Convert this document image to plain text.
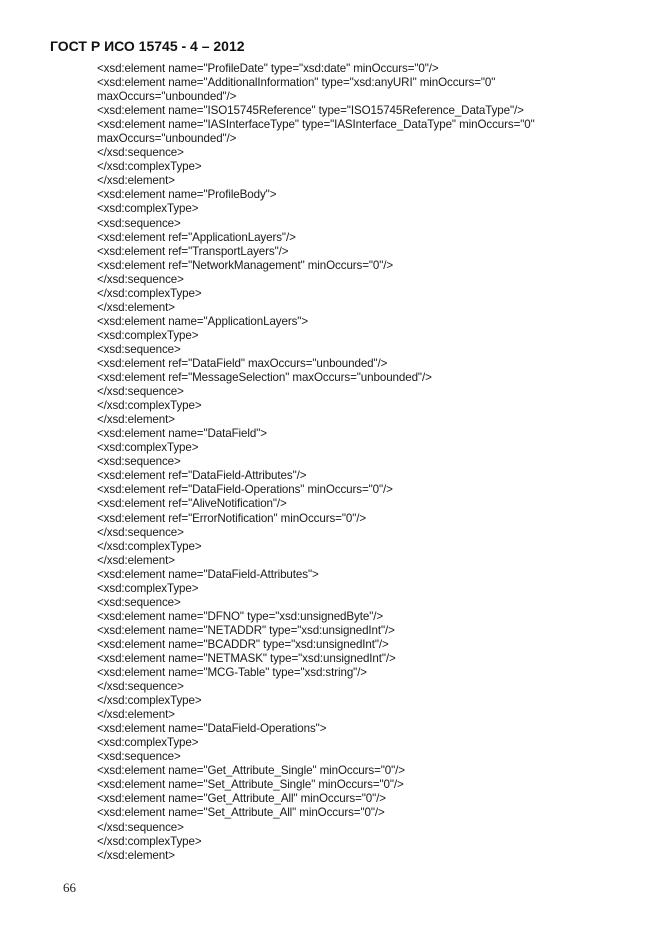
ГОСТ Р ИСО 15745 - 4 – 2012
<xsd:element name="ProfileDate" type="xsd:date" minOccurs="0"/>
<xsd:element name="AdditionalInformation" type="xsd:anyURI" minOccurs="0"
maxOccurs="unbounded"/>
<xsd:element name="ISO15745Reference" type="ISO15745Reference_DataType"/>
<xsd:element name="IASInterfaceType" type="IASInterface_DataType" minOccurs="0"
maxOccurs="unbounded"/>
</xsd:sequence>
</xsd:complexType>
</xsd:element>
<xsd:element name="ProfileBody">
<xsd:complexType>
<xsd:sequence>
<xsd:element ref="ApplicationLayers"/>
<xsd:element ref="TransportLayers"/>
<xsd:element ref="NetworkManagement" minOccurs="0"/>
</xsd:sequence>
</xsd:complexType>
</xsd:element>
<xsd:element name="ApplicationLayers">
<xsd:complexType>
<xsd:sequence>
<xsd:element ref="DataField" maxOccurs="unbounded"/>
<xsd:element ref="MessageSelection" maxOccurs="unbounded"/>
</xsd:sequence>
</xsd:complexType>
</xsd:element>
<xsd:element name="DataField">
<xsd:complexType>
<xsd:sequence>
<xsd:element ref="DataField-Attributes"/>
<xsd:element ref="DataField-Operations" minOccurs="0"/>
<xsd:element ref="AliveNotification"/>
<xsd:element ref="ErrorNotification" minOccurs="0"/>
</xsd:sequence>
</xsd:complexType>
</xsd:element>
<xsd:element name="DataField-Attributes">
<xsd:complexType>
<xsd:sequence>
<xsd:element name="DFNO" type="xsd:unsignedByte"/>
<xsd:element name="NETADDR" type="xsd:unsignedInt"/>
<xsd:element name="BCADDR" type="xsd:unsignedInt"/>
<xsd:element name="NETMASK" type="xsd:unsignedInt"/>
<xsd:element name="MCG-Table" type="xsd:string"/>
</xsd:sequence>
</xsd:complexType>
</xsd:element>
<xsd:element name="DataField-Operations">
<xsd:complexType>
<xsd:sequence>
<xsd:element name="Get_Attribute_Single" minOccurs="0"/>
<xsd:element name="Set_Attribute_Single" minOccurs="0"/>
<xsd:element name="Get_Attribute_All" minOccurs="0"/>
<xsd:element name="Set_Attribute_All" minOccurs="0"/>
</xsd:sequence>
</xsd:complexType>
</xsd:element>
66
